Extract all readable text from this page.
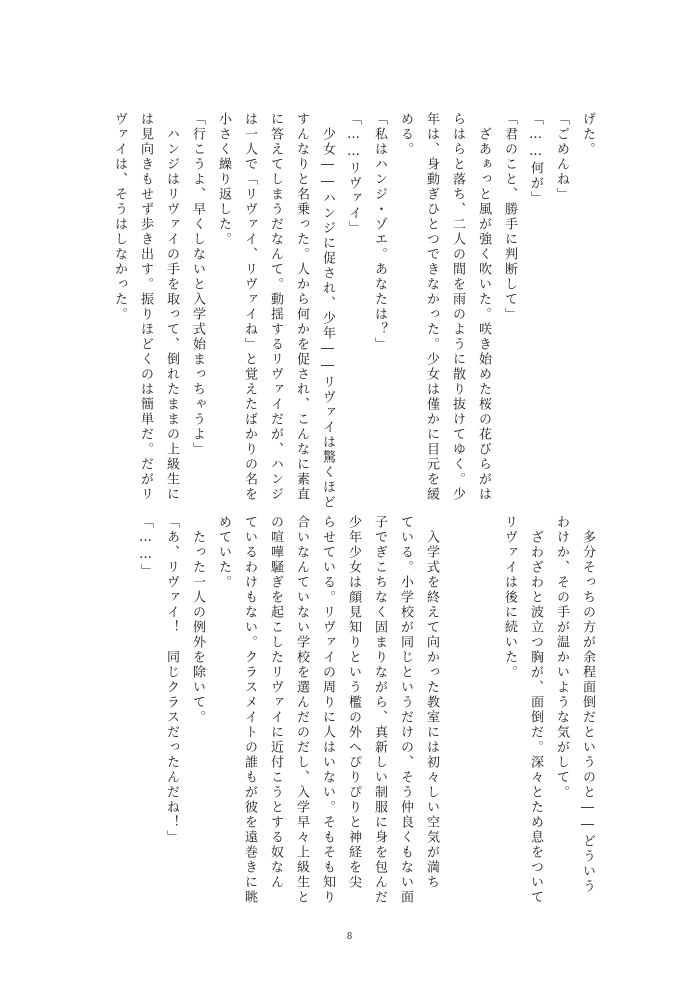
げた。
「ごめんね」
「……何が」
「君のこと、勝手に判断して」
　ざあぁっと風が強く吹いた。咲き始めた桜の花びらがは
らはらと落ち、二人の間を雨のように散り抜けてゆく。少
年は、身動ぎひとつできなかった。少女は僅かに目元を緩
める。
「私はハンジ・ゾエ。あなたは？」
「……リヴァイ」
　少女――ハンジに促され、少年――リヴァイは驚くほど
すんなりと名乗った。人から何かを促され、こんなに素直
に答えてしまうだなんて。動揺するリヴァイだが、ハンジ
は一人で「リヴァイ、リヴァイね」と覚えたばかりの名を
小さく繰り返した。
「行こうよ、早くしないと入学式始まっちゃうよ」
　ハンジはリヴァイの手を取って、倒れたままの上級生に
は見向きもせず歩き出す。振りほどくのは簡単だ。だがリ
ヴァイは、そうはしなかった。
　多分そっちの方が余程面倒だというのと――どういう
わけか、その手が温かいような気がして。
　ざわざわと波立つ胸が、面倒だ。深々とため息をついて
リヴァイは後に続いた。
　入学式を終えて向かった教室には初々しい空気が満ち
ている。小学校が同じというだけの、そう仲良くもない面
子でぎこちなく固まりながら、真新しい制服に身を包んだ
少年少女は顔見知りという檻の外へぴりぴりと神経を尖
らせている。リヴァイの周りに人はいない。そもそも知り
合いなんていない学校を選んだのだし、入学早々上級生と
の喧嘩騒ぎを起こしたリヴァイに近付こうとする奴なん
ているわけもない。クラスメイトの誰もが彼を遠巻きに眺
めていた。
　たった一人の例外を除いて。
「あ、リヴァイ！　同じクラスだったんだね！」
「……」
8
